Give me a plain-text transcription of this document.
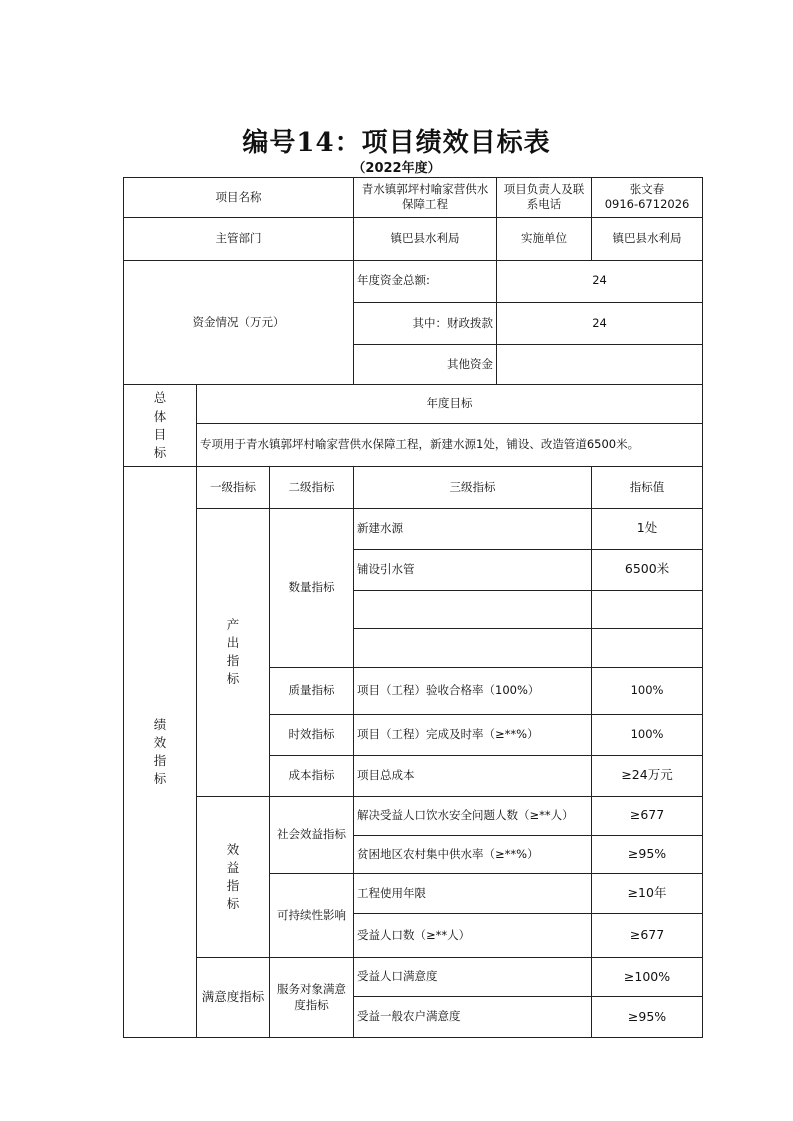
编号14：项目绩效目标表
（2022年度）
项目名称			青水镇郭坪村喻家营供水保障工程	项目负责人及联系电话	张文春
0916-6712026

主管部门			镇巴县水利局	实施单位	镇巴县水利局
资金情况（万元）			年度资金总额:	24	
			其中：财政拨款	24	
			其他资金		
总体目标	年度目标				
	专项用于青水镇郭坪村喻家营供水保障工程，新建水源1处，铺设、改造管道6500米。				
绩效指标	一级指标	二级指标	三级指标		指标值
	产出指标	数量指标	新建水源		1处
			铺设引水管		6500米

		质量指标	项目（工程）验收合格率（100%）		100%
		时效指标	项目（工程）完成及时率（≥**%）		100%
		成本指标	项目总成本		≥24万元
	效益指标	社会效益指标	解决受益人口饮水安全问题人数（≥**人）		≥677
			贫困地区农村集中供水率（≥**%）		≥95%
		可持续性影响	工程使用年限		≥10年
			受益人口数（≥**人）		≥677
	满意度指标	服务对象满意度指标	受益人口满意度		≥100%
			受益一般农户满意度		≥95%
